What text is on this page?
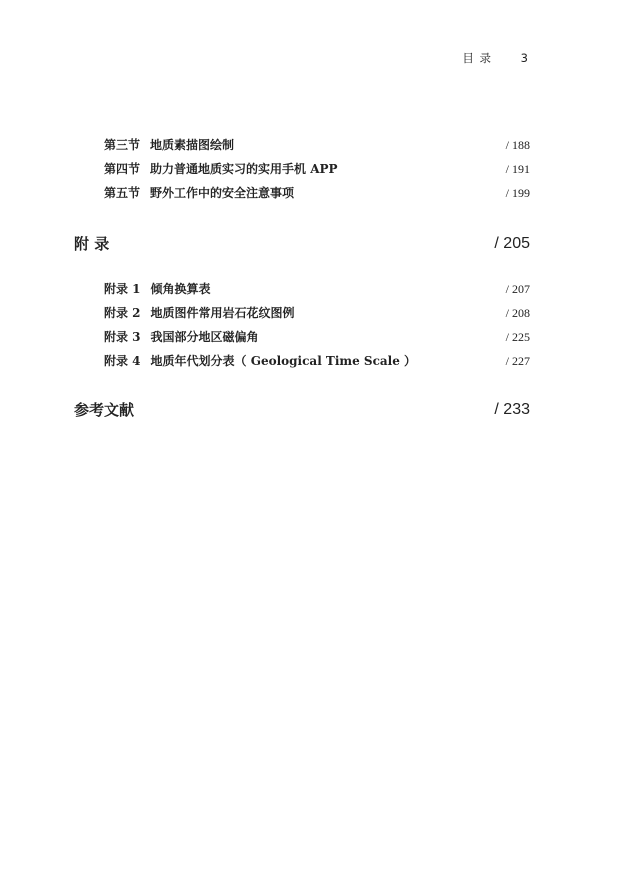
目 录 3
第三节 地质素描图绘制	/ 188
第四节 助力普通地质实习的实用手机 APP	/ 191
第五节 野外工作中的安全注意事项	/ 199
附 录	/ 205
附录 1 倾角换算表	/ 207
附录 2 地质图件常用岩石花纹图例	/ 208
附录 3 我国部分地区磁偏角	/ 225
附录 4 地质年代划分表（ Geological Time Scale ）	/ 227
参考文献	/ 233
